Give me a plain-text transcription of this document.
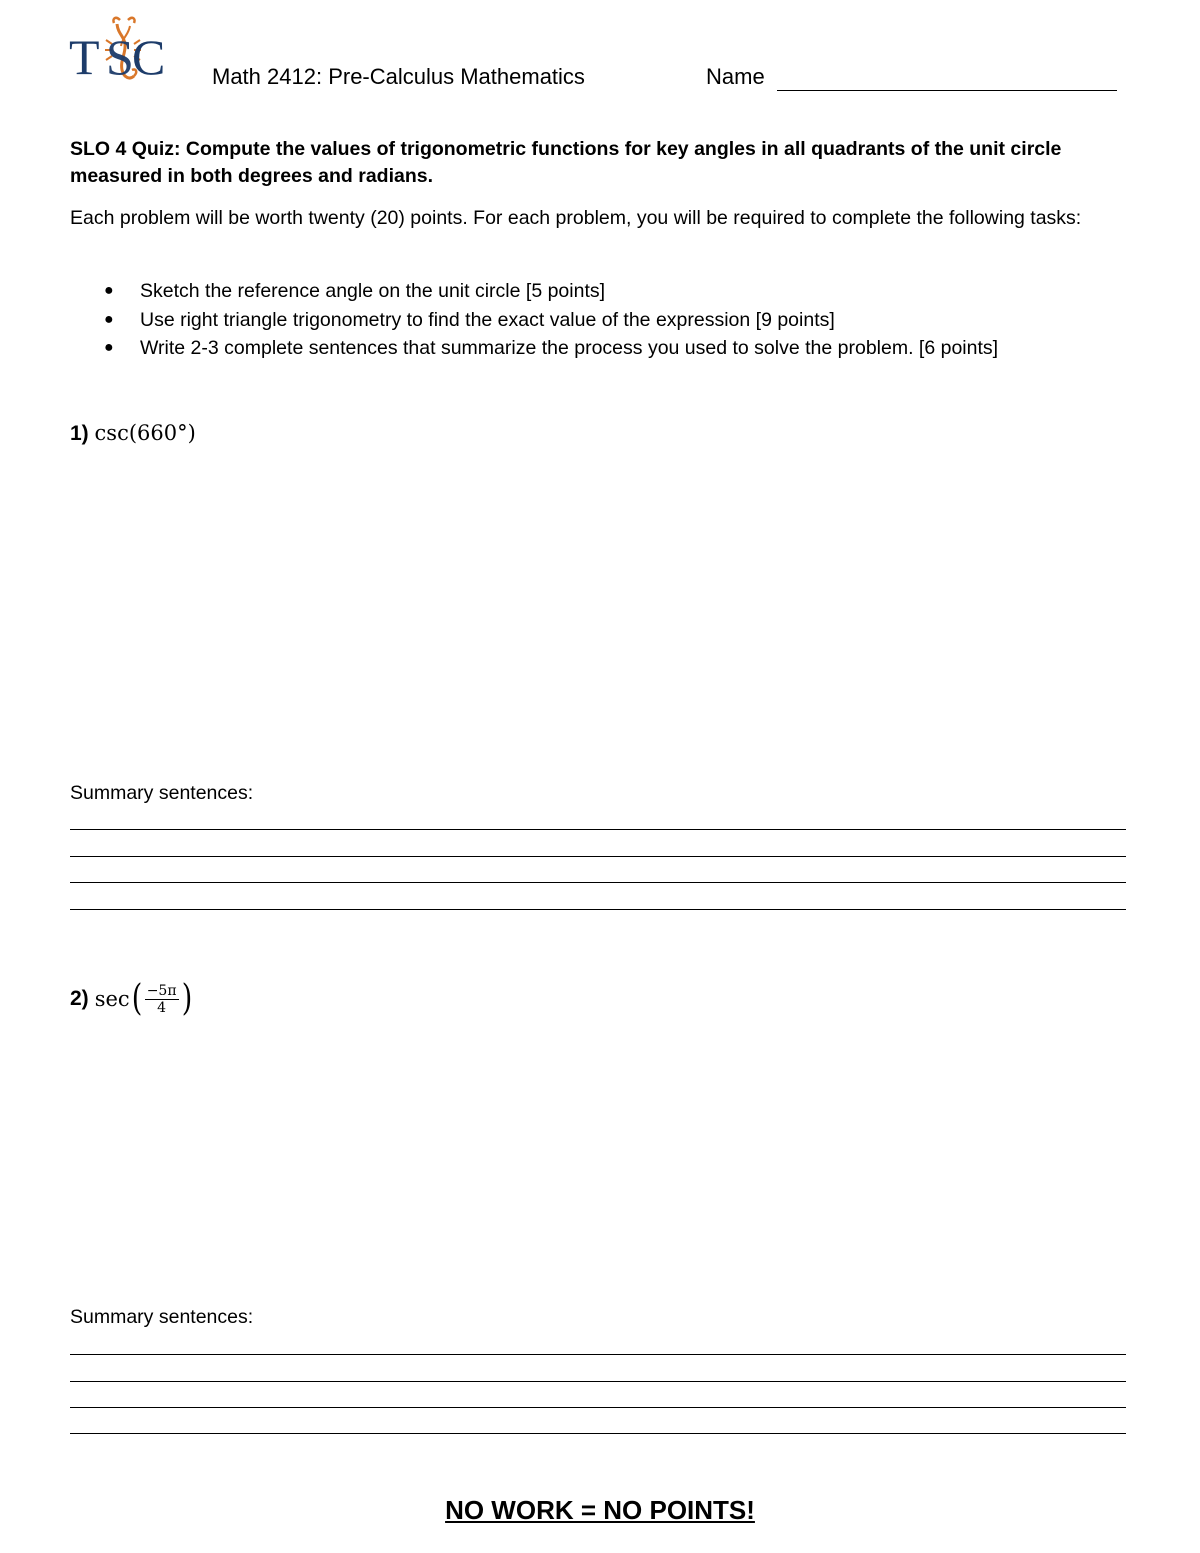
T S
C Math 2412: Pre-Calculus Mathematics	Name
SLO 4 Quiz: Compute the values of trigonometric functions for key angles in all quadrants of the unit circle measured in both degrees and radians.
Each problem will be worth twenty (20) points. For each problem, you will be required to complete the following tasks:
● Sketch the reference angle on the unit circle [5 points]
● Use right triangle trigonometry to find the exact value of the expression [9 points]
● Write 2-3 complete sentences that summarize the process you used to solve the problem. [6 points]
1) csc(660°)
Summary sentences:
2) sec ( $\frac{-5\pi}{4}$ )
Summary sentences:
NO WORK = NO POINTS!
